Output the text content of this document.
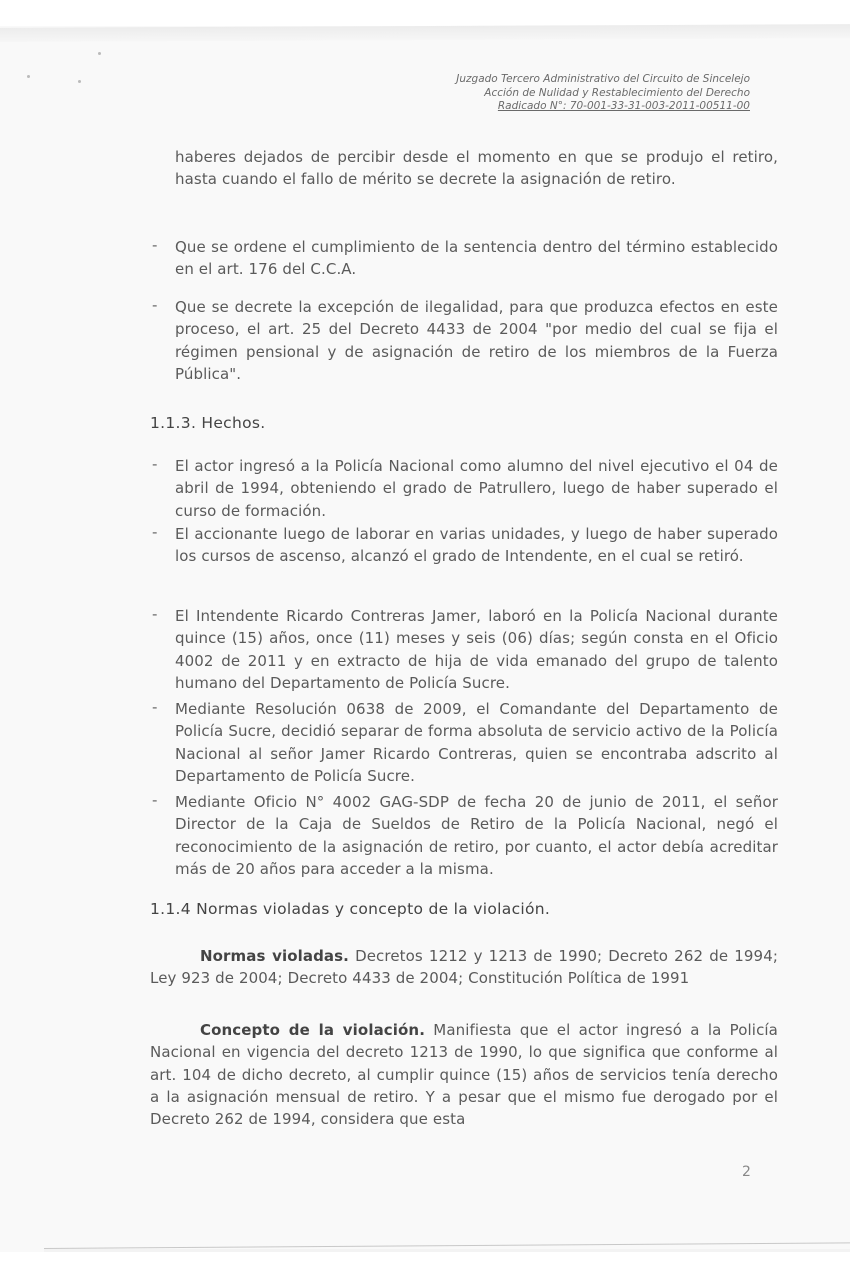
Juzgado Tercero Administrativo del Circuito de Sincelejo
Acción de Nulidad y Restablecimiento del Derecho
Radicado N°: 70-001-33-31-003-2011-00511-00
haberes dejados de percibir desde el momento en que se produjo el retiro, hasta cuando el fallo de mérito se decrete la asignación de retiro.
- Que se ordene el cumplimiento de la sentencia dentro del término establecido en el art. 176 del C.C.A.
- Que se decrete la excepción de ilegalidad, para que produzca efectos en este proceso, el art. 25 del Decreto 4433 de 2004 "por medio del cual se fija el régimen pensional y de asignación de retiro de los miembros de la Fuerza Pública".
1.1.3. Hechos.
- El actor ingresó a la Policía Nacional como alumno del nivel ejecutivo el 04 de abril de 1994, obteniendo el grado de Patrullero, luego de haber superado el curso de formación.
- El accionante luego de laborar en varias unidades, y luego de haber superado los cursos de ascenso, alcanzó el grado de Intendente, en el cual se retiró.
- El Intendente Ricardo Contreras Jamer, laboró en la Policía Nacional durante quince (15) años, once (11) meses y seis (06) días; según consta en el Oficio 4002 de 2011 y en extracto de hija de vida emanado del grupo de talento humano del Departamento de Policía Sucre.
- Mediante Resolución 0638 de 2009, el Comandante del Departamento de Policía Sucre, decidió separar de forma absoluta de servicio activo de la Policía Nacional al señor Jamer Ricardo Contreras, quien se encontraba adscrito al Departamento de Policía Sucre.
- Mediante Oficio N° 4002 GAG-SDP de fecha 20 de junio de 2011, el señor Director de la Caja de Sueldos de Retiro de la Policía Nacional, negó el reconocimiento de la asignación de retiro, por cuanto, el actor debía acreditar más de 20 años para acceder a la misma.
1.1.4 Normas violadas y concepto de la violación.
Normas violadas. Decretos 1212 y 1213 de 1990; Decreto 262 de 1994; Ley 923 de 2004; Decreto 4433 de 2004; Constitución Política de 1991
Concepto de la violación. Manifiesta que el actor ingresó a la Policía Nacional en vigencia del decreto 1213 de 1990, lo que significa que conforme al art. 104 de dicho decreto, al cumplir quince (15) años de servicios tenía derecho a la asignación mensual de retiro. Y a pesar que el mismo fue derogado por el Decreto 262 de 1994, considera que esta
2
